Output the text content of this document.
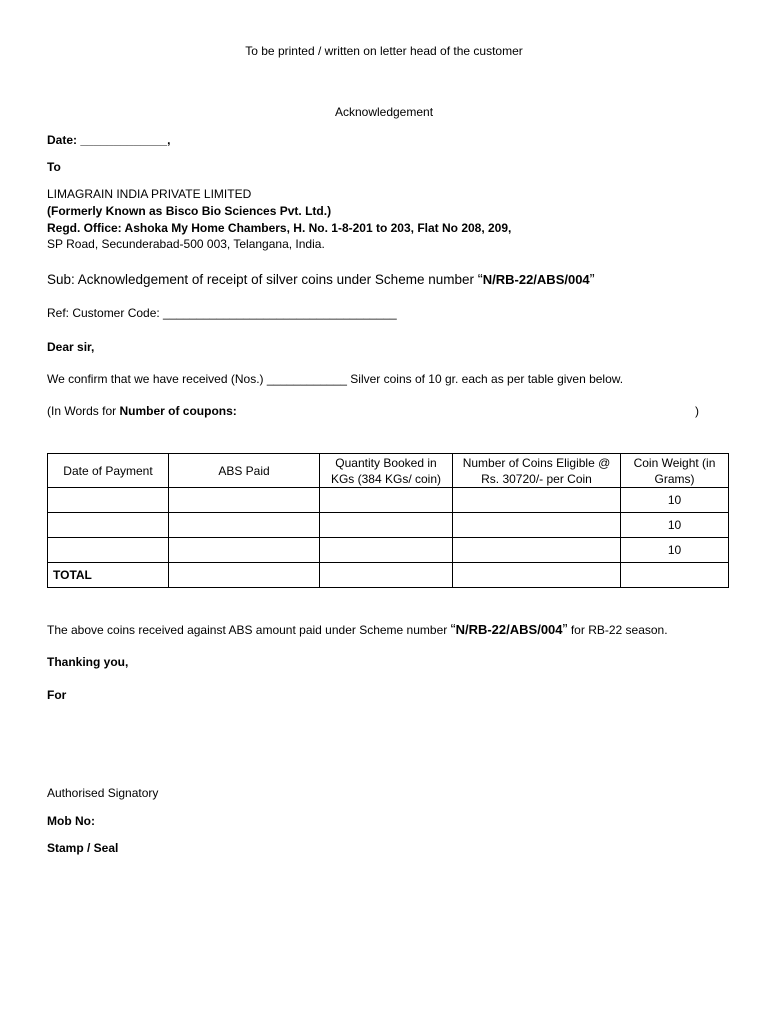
To be printed / written on letter head of the customer
Acknowledgement
Date: _____________,
To
LIMAGRAIN INDIA PRIVATE LIMITED
(Formerly Known as Bisco Bio Sciences Pvt. Ltd.)
Regd. Office: Ashoka My Home Chambers, H. No. 1-8-201 to 203, Flat No 208, 209,
SP Road, Secunderabad-500 003, Telangana, India.
Sub: Acknowledgement of receipt of silver coins under Scheme number “N/RB-22/ABS/004”
Ref: Customer Code: ___________________________________
Dear sir,
We confirm that we have received (Nos.) ____________ Silver coins of 10 gr. each as per table given below.
(In Words for Number of coupons:	)
Date of Payment	ABS Paid	Quantity Booked in KGs (384 KGs/ coin)	Number of Coins Eligible @ Rs. 30720/- per Coin	Coin Weight (in Grams)
				10
				10
				10
TOTAL				
The above coins received against ABS amount paid under Scheme number “N/RB-22/ABS/004” for RB-22 season.
Thanking you,
For
Authorised Signatory
Mob No:
Stamp / Seal
